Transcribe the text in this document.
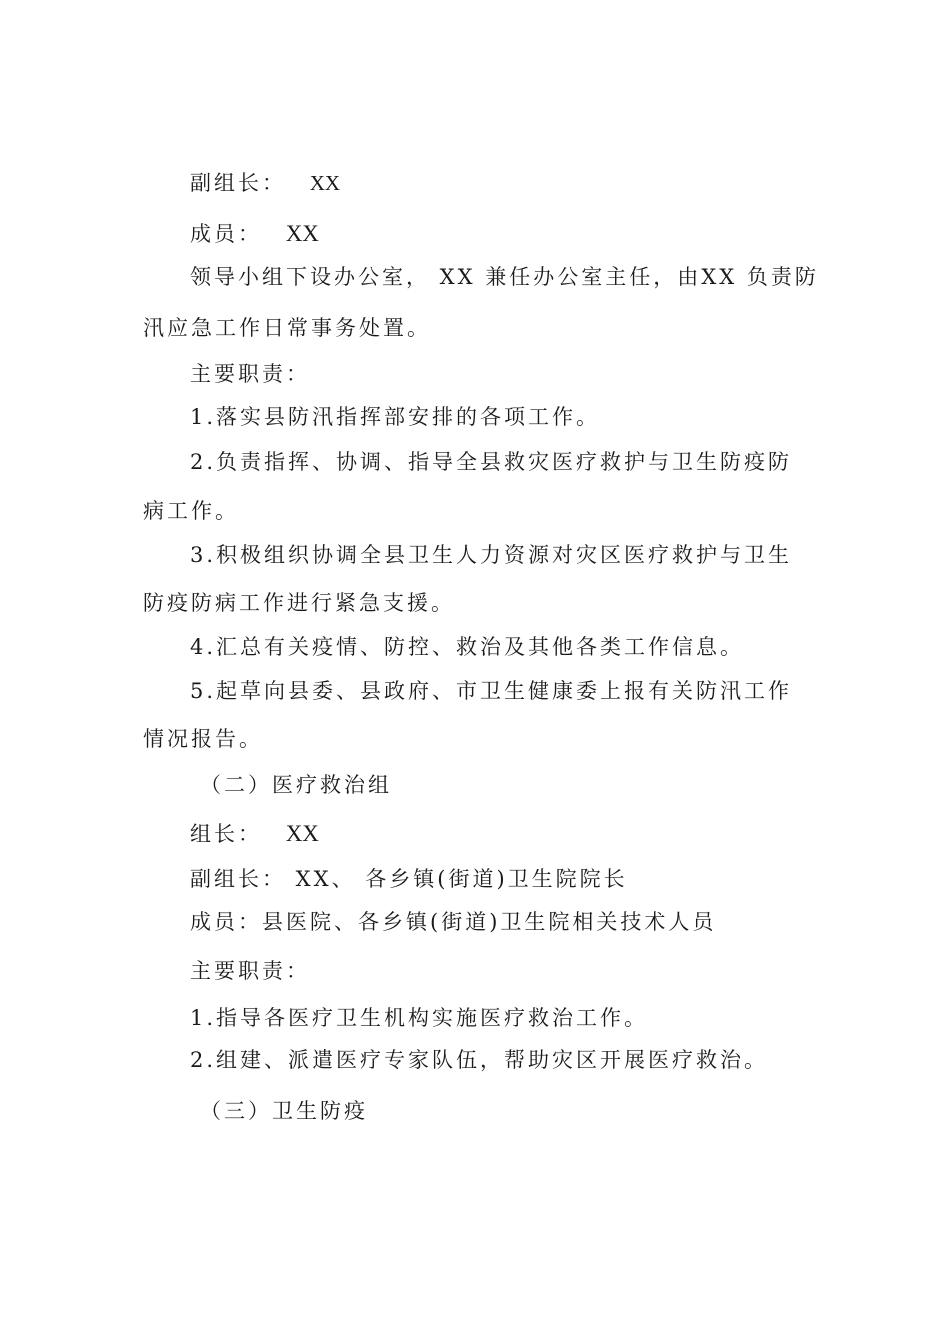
副组长： XX
成员： XX
领导小组下设办公室， XX 兼任办公室主任，由XX 负责防
汛应急工作日常事务处置。
主要职责：
1.落实县防汛指挥部安排的各项工作。
2.负责指挥、协调、指导全县救灾医疗救护与卫生防疫防
病工作。
3.积极组织协调全县卫生人力资源对灾区医疗救护与卫生
防疫防病工作进行紧急支援。
4.汇总有关疫情、防控、救治及其他各类工作信息。
5.起草向县委、县政府、市卫生健康委上报有关防汛工作
情况报告。
（二）医疗救治组
组长： XX
副组长： XX、 各乡镇(街道)卫生院院长
成员：县医院、各乡镇(街道)卫生院相关技术人员
主要职责：
1.指导各医疗卫生机构实施医疗救治工作。
2.组建、派遣医疗专家队伍，帮助灾区开展医疗救治。
（三）卫生防疫
